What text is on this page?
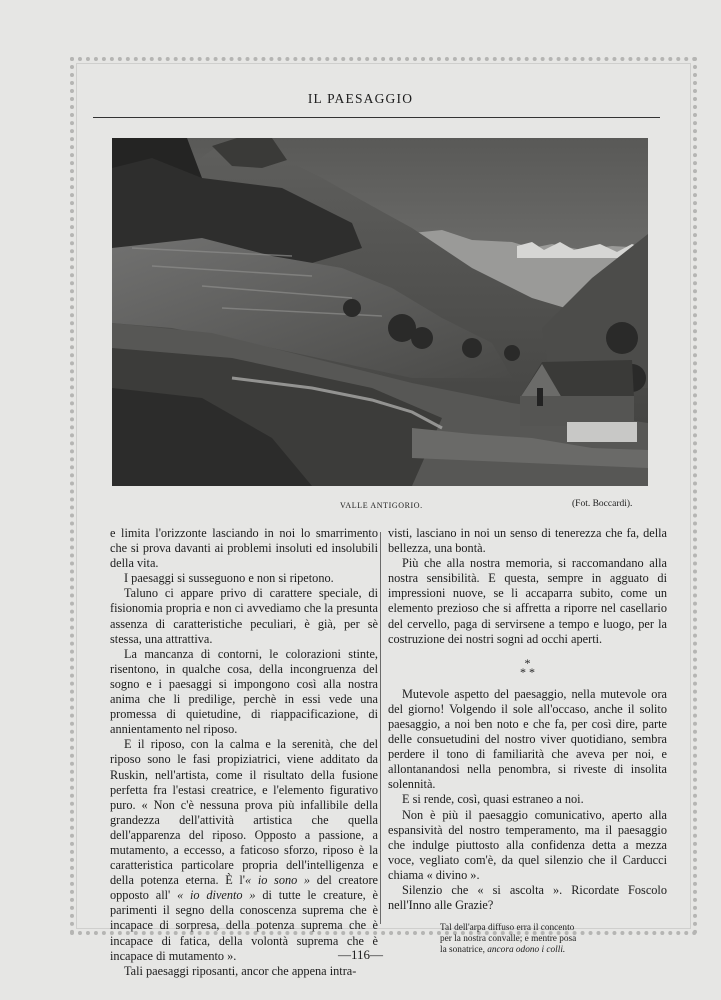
IL PAESAGGIO
VALLE ANTIGORIO.	(Fot. Boccardi).

e limita l'orizzonte lasciando in noi lo smarrimento che si prova davanti ai problemi insoluti ed insolubili della vita.

I paesaggi si susseguono e non si ripetono.

Taluno ci appare privo di carattere speciale, di fisionomia propria e non ci avvediamo che la presunta assenza di caratteristiche peculiari, è già, per sè stessa, una attrattiva.

La mancanza di contorni, le colorazioni stinte, risentono, in qualche cosa, della incongruenza del sogno e i paesaggi si impongono così alla nostra anima che li predilige, perchè in essi vede una promessa di quietudine, di riappacificazione, di annientamento nel riposo.

E il riposo, con la calma e la serenità, che del riposo sono le fasi propiziatrici, viene additato da Ruskin, nell'artista, come il risultato della fusione perfetta fra l'estasi creatrice, e l'elemento figurativo puro. « Non c'è nessuna prova più infallibile della grandezza dell'attività artistica che quella dell'apparenza del riposo. Opposto a passione, a mutamento, a eccesso, a faticoso sforzo, riposo è la caratteristica particolare propria dell'intelligenza e della potenza eterna. È l'« io sono » del creatore opposto all' « io divento » di tutte le creature, è parimenti il segno della conoscenza suprema che è incapace di sorpresa, della potenza suprema che è incapace di fatica, della volontà suprema che è incapace di mutamento ».

Tali paesaggi riposanti, ancor che appena intra-

visti, lasciano in noi un senso di tenerezza che fa, della bellezza, una bontà.

Più che alla nostra memoria, si raccomandano alla nostra sensibilità. E questa, sempre in agguato di impressioni nuove, se li accaparra subito, come un elemento prezioso che si affretta a riporre nel casellario del cervello, paga di servirsene a tempo e luogo, per la costruzione dei nostri sogni ad occhi aperti.

*
* *

Mutevole aspetto del paesaggio, nella mutevole ora del giorno! Volgendo il sole all'occaso, anche il solito paesaggio, a noi ben noto e che fa, per così dire, parte delle consuetudini del nostro viver quotidiano, sembra perdere il tono di familiarità che aveva per noi, e allontanandosi nella penombra, si riveste di insolita solennità.

E si rende, così, quasi estraneo a noi.

Non è più il paesaggio comunicativo, aperto alla espansività del nostro temperamento, ma il paesaggio che indulge piuttosto alla confidenza detta a mezza voce, vegliato com'è, da quel silenzio che il Carducci chiama « divino ».

Silenzio che « si ascolta ». Ricordate Foscolo nell'Inno alle Grazie?

Tal dell'arpa diffuso erra il concento
per la nostra convalle; e mentre posa
la sonatrice, ancora odono i colli.
—116—
